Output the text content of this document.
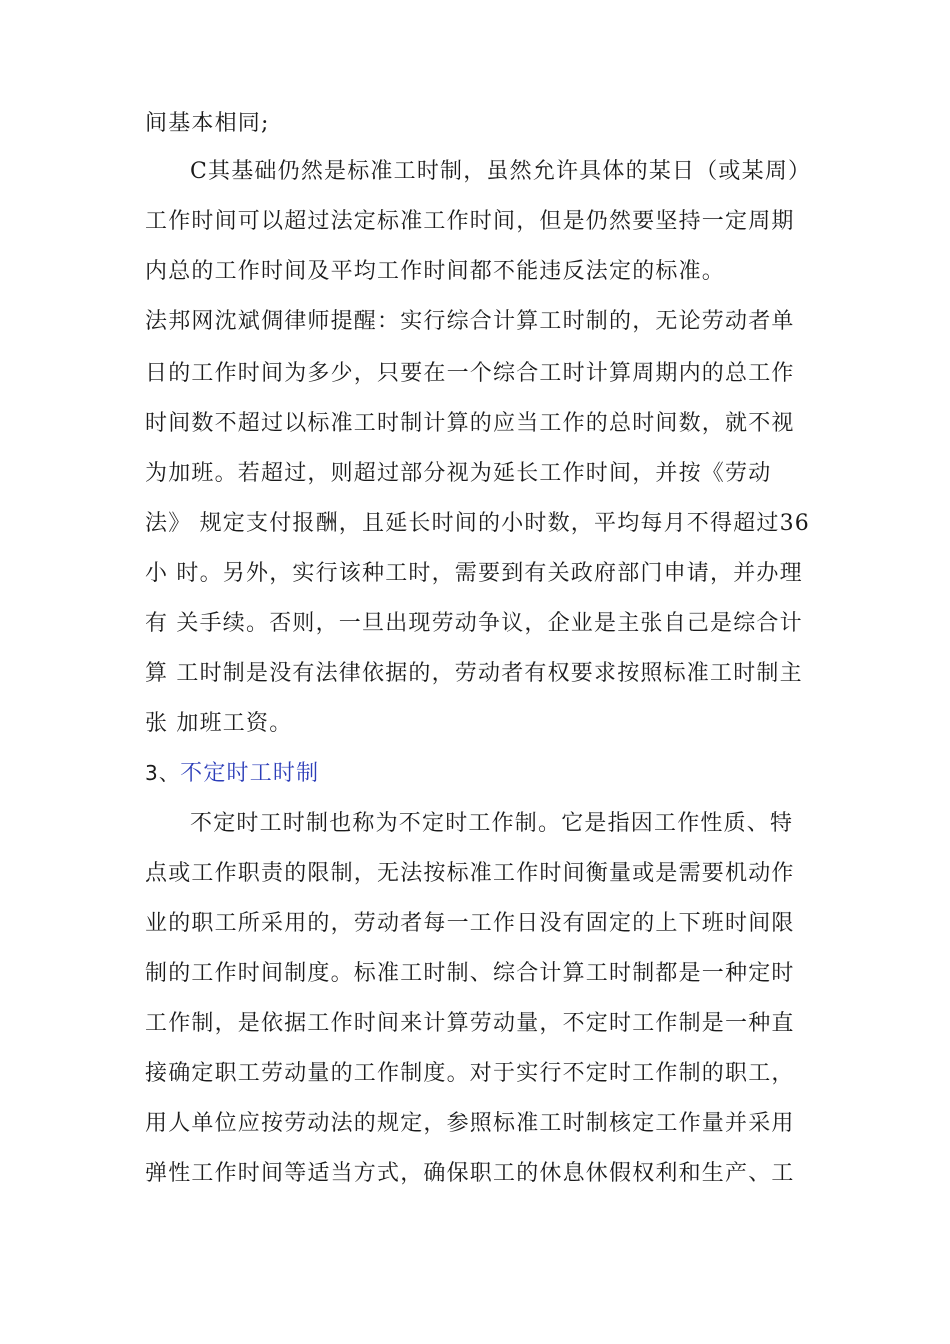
间基本相同;
C其基础仍然是标准工时制，虽然允许具体的某日（或某周）
工作时间可以超过法定标准工作时间，但是仍然要坚持一定周期
内总的工作时间及平均工作时间都不能违反法定的标准。
法邦网沈斌倜律师提醒：实行综合计算工时制的，无论劳动者单
日的工作时间为多少，只要在一个综合工时计算周期内的总工作
时间数不超过以标准工时制计算的应当工作的总时间数，就不视
为加班。若超过，则超过部分视为延长工作时间，并按《劳动
法》 规定支付报酬，且延长时间的小时数，平均每月不得超过36
小 时。另外，实行该种工时，需要到有关政府部门申请，并办理
有 关手续。否则，一旦出现劳动争议，企业是主张自己是综合计
算 工时制是没有法律依据的，劳动者有权要求按照标准工时制主
张 加班工资。
3、不定时工时制
不定时工时制也称为不定时工作制。它是指因工作性质、特
点或工作职责的限制，无法按标准工作时间衡量或是需要机动作
业的职工所采用的，劳动者每一工作日没有固定的上下班时间限
制的工作时间制度。标准工时制、综合计算工时制都是一种定时
工作制，是依据工作时间来计算劳动量，不定时工作制是一种直
接确定职工劳动量的工作制度。对于实行不定时工作制的职工，
用人单位应按劳动法的规定，参照标准工时制核定工作量并采用
弹性工作时间等适当方式，确保职工的休息休假权利和生产、工
